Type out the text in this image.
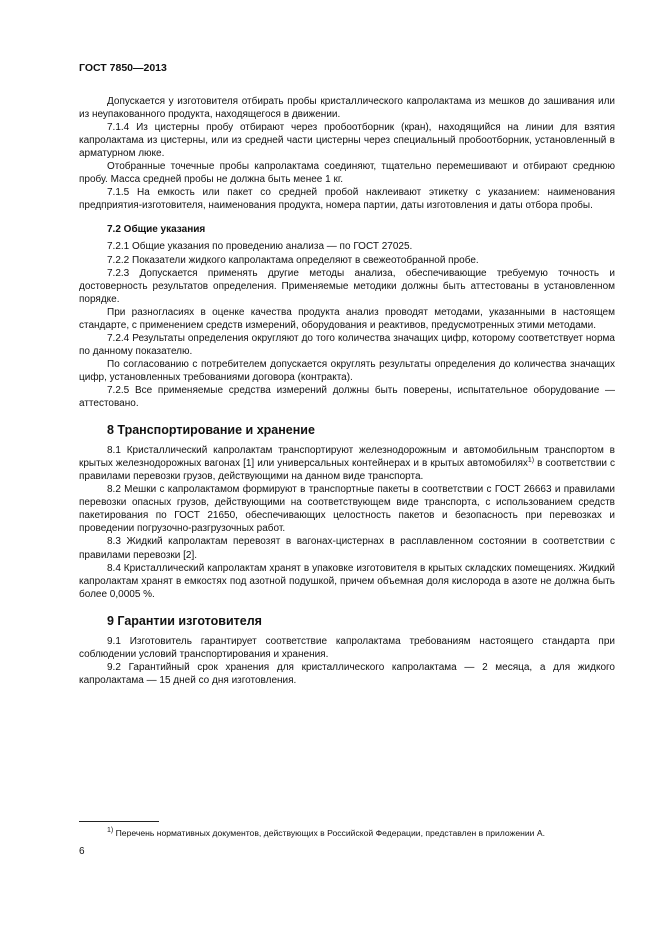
ГОСТ 7850—2013

Допускается у изготовителя отбирать пробы кристаллического капролактама из мешков до зашивания или из неупакованного продукта, находящегося в движении.

7.1.4 Из цистерны пробу отбирают через пробоотборник (кран), находящийся на линии для взятия капролактама из цистерны, или из средней части цистерны через специальный пробоотборник, установленный в арматурном люке.

Отобранные точечные пробы капролактама соединяют, тщательно перемешивают и отбирают среднюю пробу. Масса средней пробы не должна быть менее 1 кг.

7.1.5 На емкость или пакет со средней пробой наклеивают этикетку с указанием: наименования предприятия-изготовителя, наименования продукта, номера партии, даты изготовления и даты отбора пробы.

7.2 Общие указания

7.2.1 Общие указания по проведению анализа — по ГОСТ 27025.

7.2.2 Показатели жидкого капролактама определяют в свежеотобранной пробе.

7.2.3 Допускается применять другие методы анализа, обеспечивающие требуемую точность и достоверность результатов определения. Применяемые методики должны быть аттестованы в установленном порядке.

При разногласиях в оценке качества продукта анализ проводят методами, указанными в настоящем стандарте, с применением средств измерений, оборудования и реактивов, предусмотренных этими методами.

7.2.4 Результаты определения округляют до того количества значащих цифр, которому соответствует норма по данному показателю.

По согласованию с потребителем допускается округлять результаты определения до количества значащих цифр, установленных требованиями договора (контракта).

7.2.5 Все применяемые средства измерений должны быть поверены, испытательное оборудование — аттестовано.

8 Транспортирование и хранение

8.1 Кристаллический капролактам транспортируют железнодорожным и автомобильным транспортом в крытых железнодорожных вагонах [1] или универсальных контейнерах и в крытых автомобилях$^{1)}$ в соответствии с правилами перевозки грузов, действующими на данном виде транспорта.

8.2 Мешки с капролактамом формируют в транспортные пакеты в соответствии с ГОСТ 26663 и правилами перевозки опасных грузов, действующими на соответствующем виде транспорта, с использованием средств пакетирования по ГОСТ 21650, обеспечивающих целостность пакетов и безопасность при перевозках и проведении погрузочно-разгрузочных работ.

8.3 Жидкий капролактам перевозят в вагонах-цистернах в расплавленном состоянии в соответствии с правилами перевозки [2].

8.4 Кристаллический капролактам хранят в упаковке изготовителя в крытых складских помещениях. Жидкий капролактам хранят в емкостях под азотной подушкой, причем объемная доля кислорода в азоте не должна быть более 0,0005 %.

9 Гарантии изготовителя

9.1 Изготовитель гарантирует соответствие капролактама требованиям настоящего стандарта при соблюдении условий транспортирования и хранения.

9.2 Гарантийный срок хранения для кристаллического капролактама — 2 месяца, а для жидкого капролактама — 15 дней со дня изготовления.

$^{1)}$ Перечень нормативных документов, действующих в Российской Федерации, представлен в приложении А.
6
